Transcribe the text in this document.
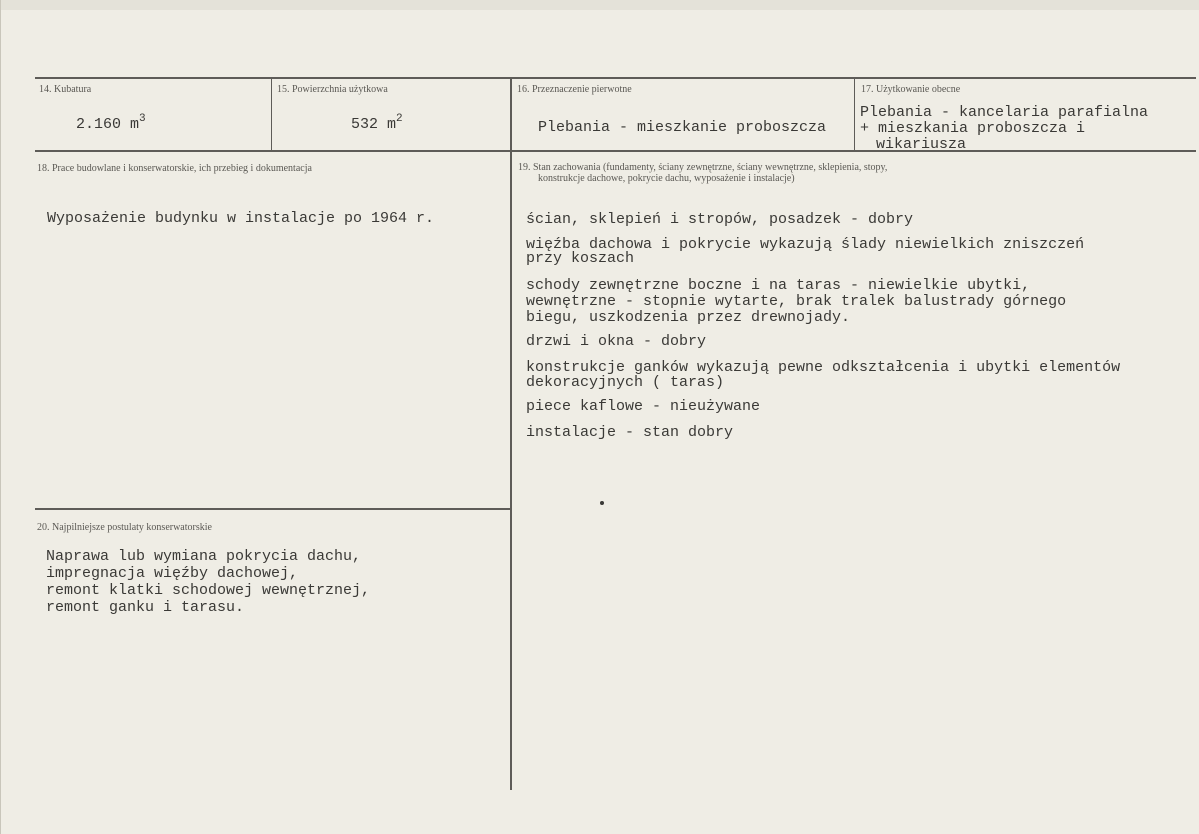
14. Kubatura
2.160 $m^3$
15. Powierzchnia użytkowa
532 $m^2$
16. Przeznaczenie pierwotne
Plebania - mieszkanie proboszcza
17. Użytkowanie obecne
Plebania - kancelaria parafialna
+ mieszkania proboszcza i
wikariusza
18. Prace budowlane i konserwatorskie, ich przebieg i dokumentacja
Wyposażenie budynku w instalacje po 1964 r.
19. Stan zachowania (fundamenty, ściany zewnętrzne, ściany wewnętrzne, sklepienia, stopy,
konstrukcje dachowe, pokrycie dachu, wyposażenie i instalacje)
ścian, sklepień i stropów, posadzek - dobry
więźba dachowa i pokrycie wykazują ślady niewielkich zniszczeń
przy koszach
schody zewnętrzne boczne i na taras - niewielkie ubytki,
wewnętrzne - stopnie wytarte, brak tralek balustrady górnego
biegu, uszkodzenia przez drewnojady.
drzwi i okna - dobry
konstrukcje ganków wykazują pewne odkształcenia i ubytki elementów
dekoracyjnych ( taras)
piece kaflowe - nieużywane
instalacje - stan dobry
20. Najpilniejsze postulaty konserwatorskie
Naprawa lub wymiana pokrycia dachu,
impregnacja więźby dachowej,
remont klatki schodowej wewnętrznej,
remont ganku i tarasu.
